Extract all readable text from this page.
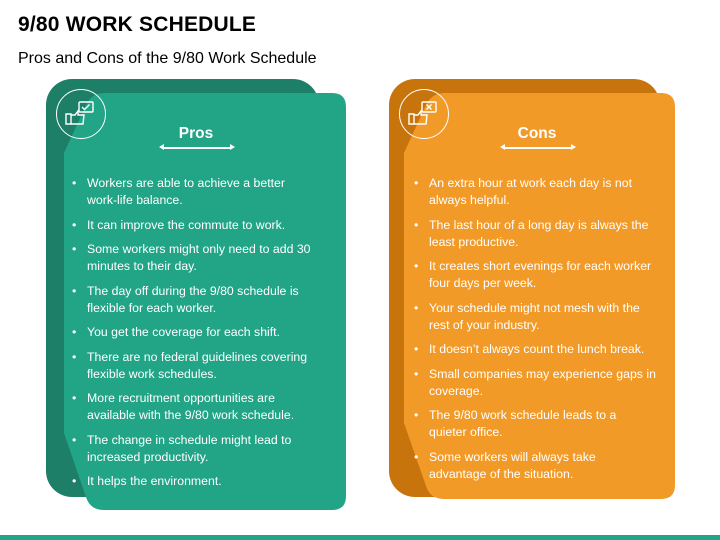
9/80 WORK SCHEDULE
Pros and Cons of the 9/80 Work Schedule
Pros
• Workers are able to achieve a better work-life balance.
• It can improve the commute to work.
• Some workers might only need to add 30 minutes to their day.
• The day off during the 9/80 schedule is flexible for each worker.
• You get the coverage for each shift.
• There are no federal guidelines covering flexible work schedules.
• More recruitment opportunities are available with the 9/80 work schedule.
• The change in schedule might lead to increased productivity.
• It helps the environment.
Cons
• An extra hour at work each day is not always helpful.
• The last hour of a long day is always the least productive.
• It creates short evenings for each worker four days per week.
• Your schedule might not mesh with the rest of your industry.
• It doesn’t always count the lunch break.
• Small companies may experience gaps in coverage.
• The 9/80 work schedule leads to a quieter office.
• Some workers will always take advantage of the situation.
